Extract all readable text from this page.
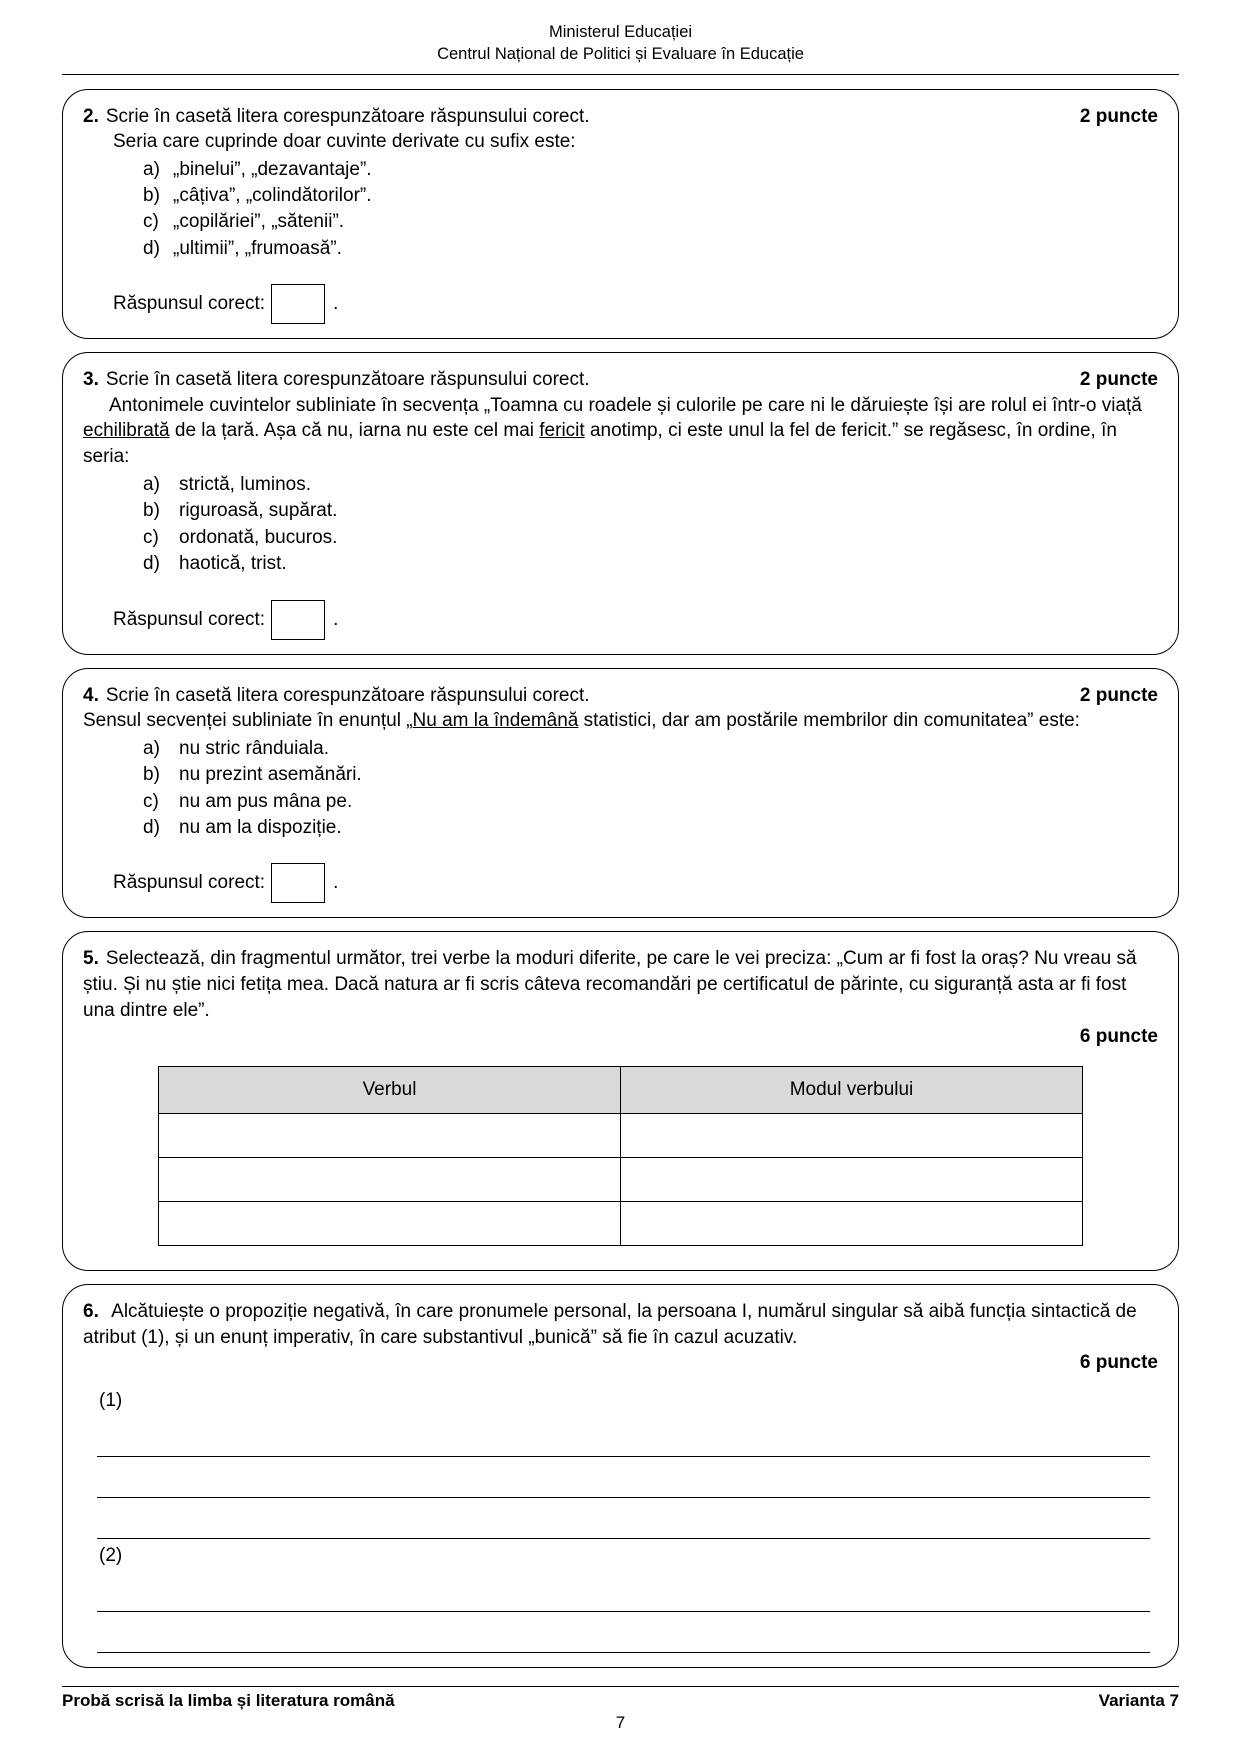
Ministerul Educației
Centrul Național de Politici și Evaluare în Educație
2. Scrie în casetă litera corespunzătoare răspunsului corect.	2 puncte
Seria care cuprinde doar cuvinte derivate cu sufix este:
a) „binelui”, „dezavantaje”.
b) „câțiva”, „colindătorilor”.
c) „copilăriei”, „sătenii”.
d) „ultimii”, „frumoasă”.
Răspunsul corect:	.
3. Scrie în casetă litera corespunzătoare răspunsului corect.	2 puncte
Antonimele cuvintelor subliniate în secvența „Toamna cu roadele și culorile pe care ni le dăruiește își are rolul ei într-o viață echilibrată de la țară. Așa că nu, iarna nu este cel mai fericit anotimp, ci este unul la fel de fericit.” se regăsesc, în ordine, în seria:
a)	strictă, luminos.
b)	riguroasă, supărat.
c)	ordonată, bucuros.
d)	haotică, trist.
Răspunsul corect:	.
4. Scrie în casetă litera corespunzătoare răspunsului corect.	2 puncte
Sensul secvenței subliniate în enunțul „Nu am la îndemână statistici, dar am postările membrilor din comunitatea” este:
a)	nu stric rânduiala.
b)	nu prezint asemănări.
c)	nu am pus mâna pe.
d)	nu am la dispoziție.
Răspunsul corect:	.
5. Selectează, din fragmentul următor, trei verbe la moduri diferite, pe care le vei preciza: „Cum ar fi fost la oraș? Nu vreau să știu. Și nu știe nici fetița mea. Dacă natura ar fi scris câteva recomandări pe certificatul de părinte, cu siguranță asta ar fi fost una dintre ele”.
6 puncte
Verbul	Modul verbului

6. Alcătuiește o propoziție negativă, în care pronumele personal, la persoana I, numărul singular să aibă funcția sintactică de atribut (1), și un enunț imperativ, în care substantivul „bunică” să fie în cazul acuzativ.
6 puncte
(1)
(2)
Probă scrisă la limba și literatura română	Varianta 7
7
